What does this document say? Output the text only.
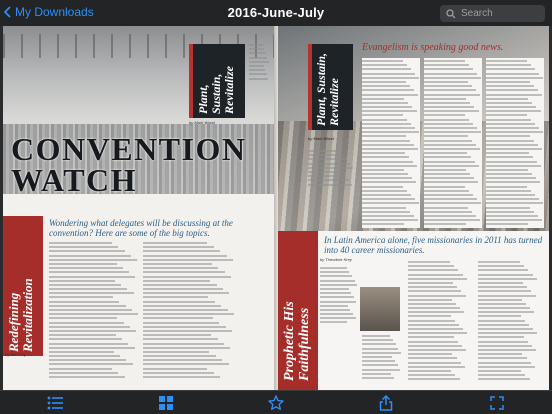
My Downloads	2016-June-July	Search
Plant, Sustain, Revitalize
by Mark Wood
CONVENTION WATCH
Redefining Revitalization
by Bart Day
Wondering what delegates will be discussing at the convention? Here are some of the big topics.
Plant, Sustain, Revitalize
by Mark Wood
Evangelism is speaking good news.
Prophetic His Faithfulness
by Theodore Krey
In Latin America alone, five missionaries in 2011 has turned into 40 career missionaries.
